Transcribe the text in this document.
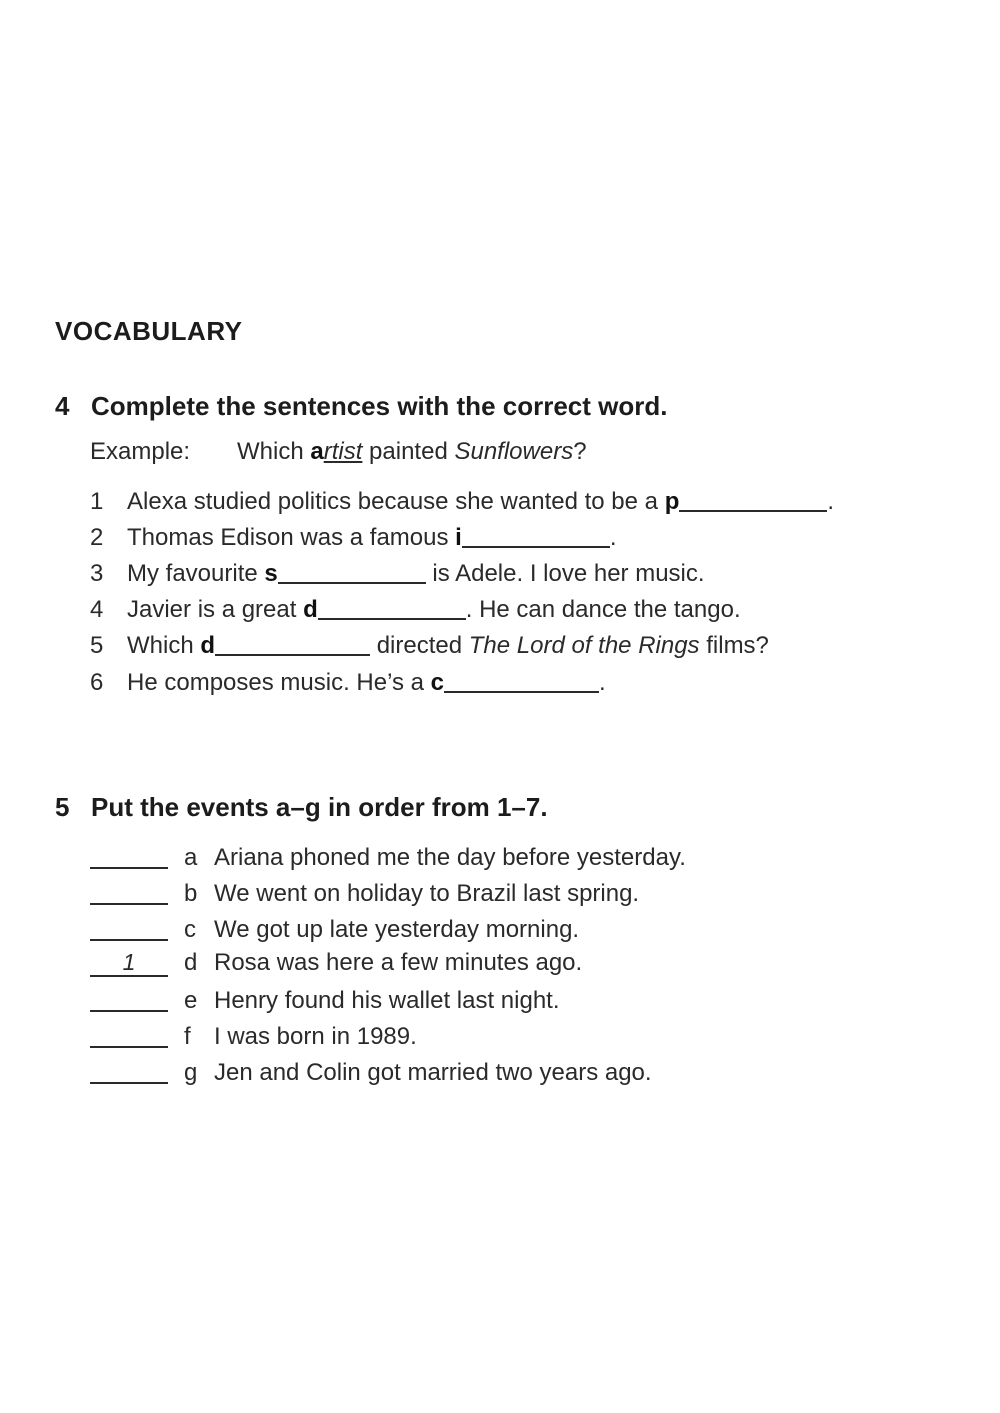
VOCABULARY
4 Complete the sentences with the correct word.
Example: Which artist painted Sunflowers?
1 Alexa studied politics because she wanted to be a p	.
2 Thomas Edison was a famous i	.
3 My favourite s	is Adele. I love her music.
4 Javier is a great d	. He can dance the tango.
5 Which d	directed The Lord of the Rings films?
6 He composes music. He’s a c	.
5 Put the events a–g in order from 1–7.
a Ariana phoned me the day before yesterday.
b We went on holiday to Brazil last spring.
c We got up late yesterday morning.
1 d Rosa was here a few minutes ago.
e Henry found his wallet last night.
f I was born in 1989.
g Jen and Colin got married two years ago.
